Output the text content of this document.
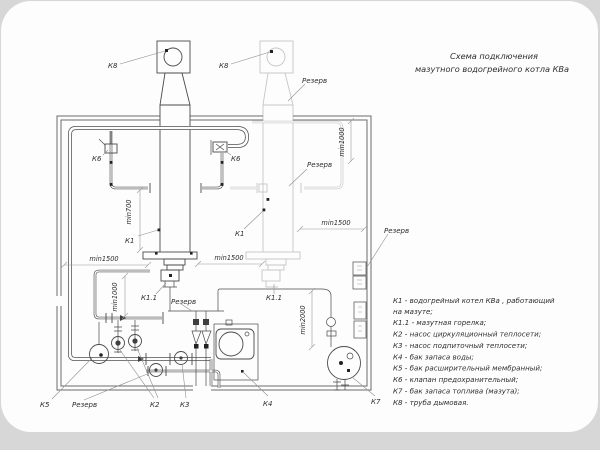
К8	К8
К6	К6
К1
К1
К1.1	К1.1
К5	К2	К3	К4	К7
Резерв
Резерв
Резерв
Резерв
Резерв
min700
min1500	min1500
min1500
min1000
min1000
min2000
Схема подключения
мазутного водогрейного котла КВа
К1 - водогрейный котел КВа , работающий
на мазуте;
К1.1 - мазутная горелка;
К2 - насос циркуляционный теплосети;
К3 - насос подпиточный теплосети;
К4 - бак запаса воды;
К5 - бак расширительный мембранный;
К6 - клапан предохранительный;
К7 - бак запаса топлива (мазута);
К8 - труба дымовая.
